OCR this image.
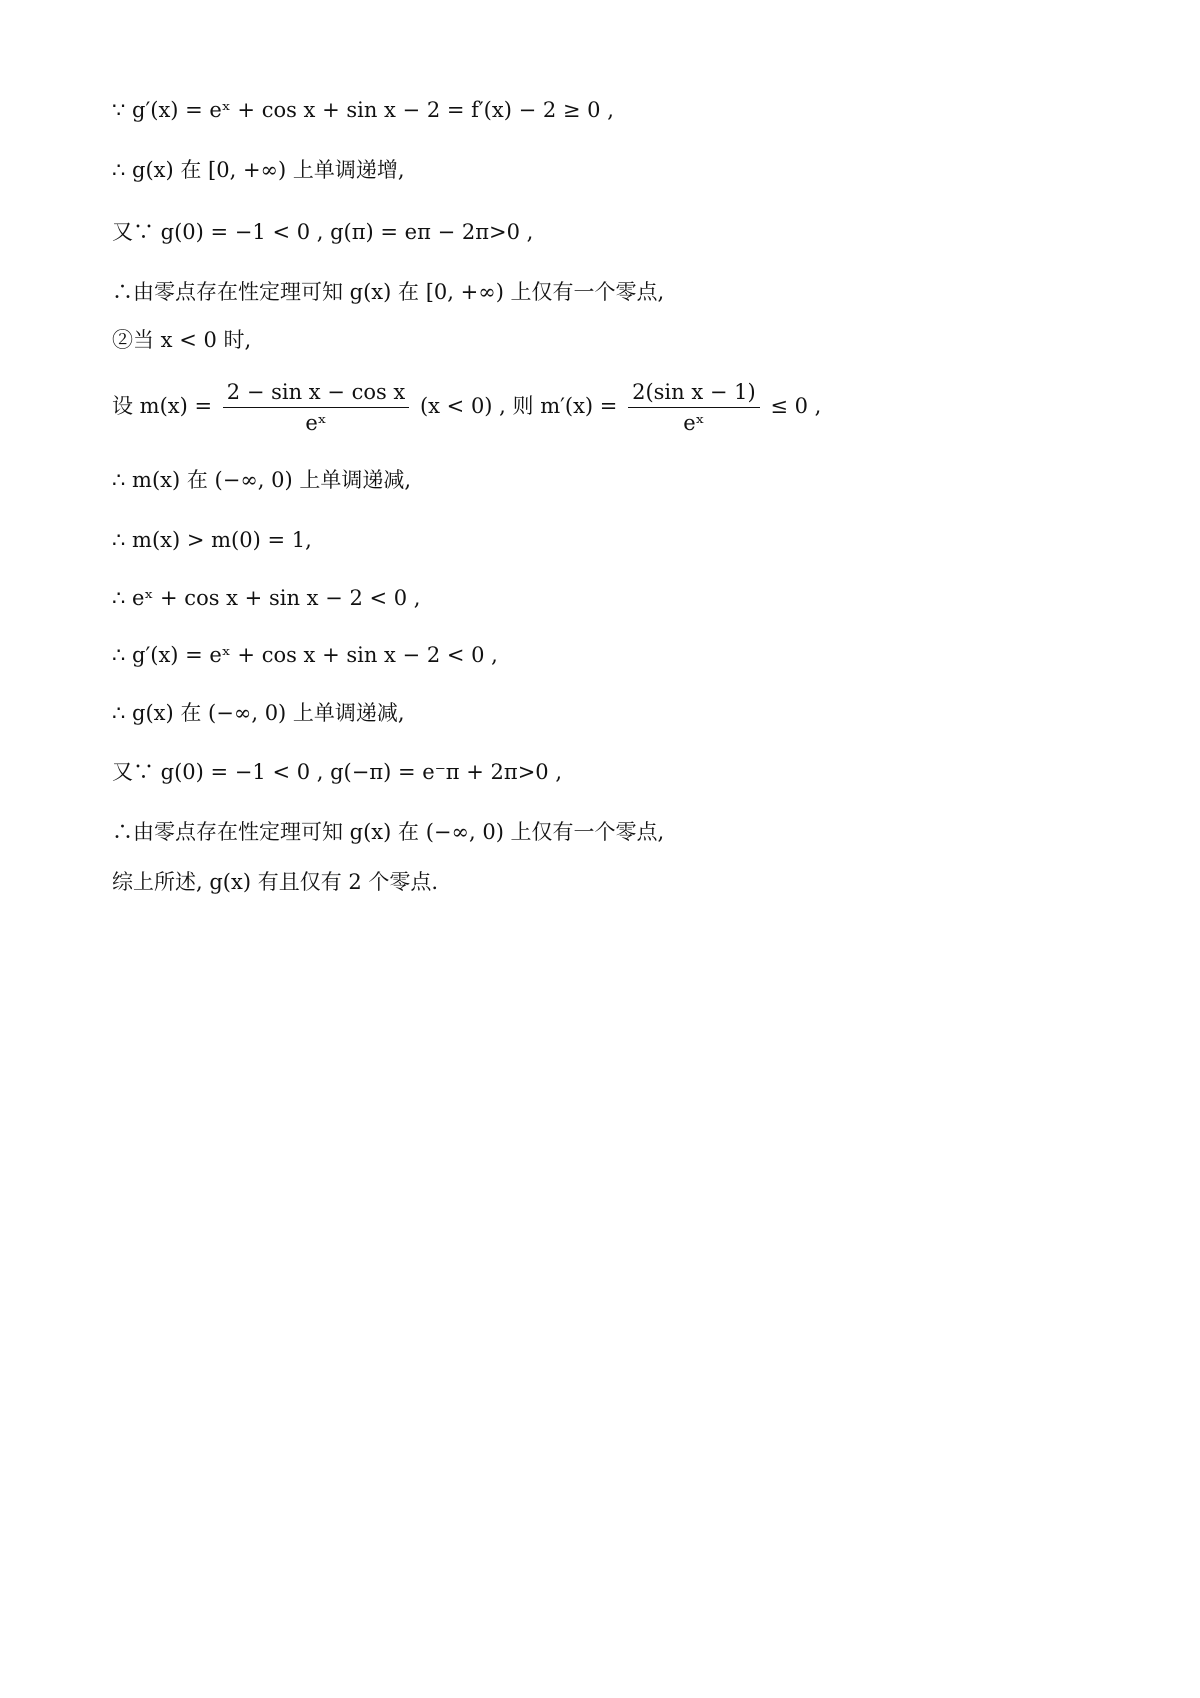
∵ g′(x) = eˣ + cos x + sin x − 2 = f′(x) − 2 ≥ 0 ,
∴ g(x) 在 [0, +∞) 上单调递增,
又∵ g(0) = −1 < 0 , g(π) = eπ − 2π>0 ,
∴由零点存在性定理可知 g(x) 在 [0, +∞) 上仅有一个零点,
②当 x < 0 时,
设 $m(x) = \frac{\text{2 − sin x − cos x}}{\text{eˣ}} (x < 0)$ , 则 $m'(x) = \frac{\text{2(sin x − 1)}}{\text{eˣ}} \le 0$ ,
∴ m(x) 在 (−∞, 0) 上单调递减,
∴ m(x) > m(0) = 1,
∴ eˣ + cos x + sin x − 2 < 0 ,
∴ g′(x) = eˣ + cos x + sin x − 2 < 0 ,
∴ g(x) 在 (−∞, 0) 上单调递减,
又∵ g(0) = −1 < 0 , g(−π) = e⁻π + 2π>0 ,
∴由零点存在性定理可知 g(x) 在 (−∞, 0) 上仅有一个零点,
综上所述, g(x) 有且仅有 2 个零点.
